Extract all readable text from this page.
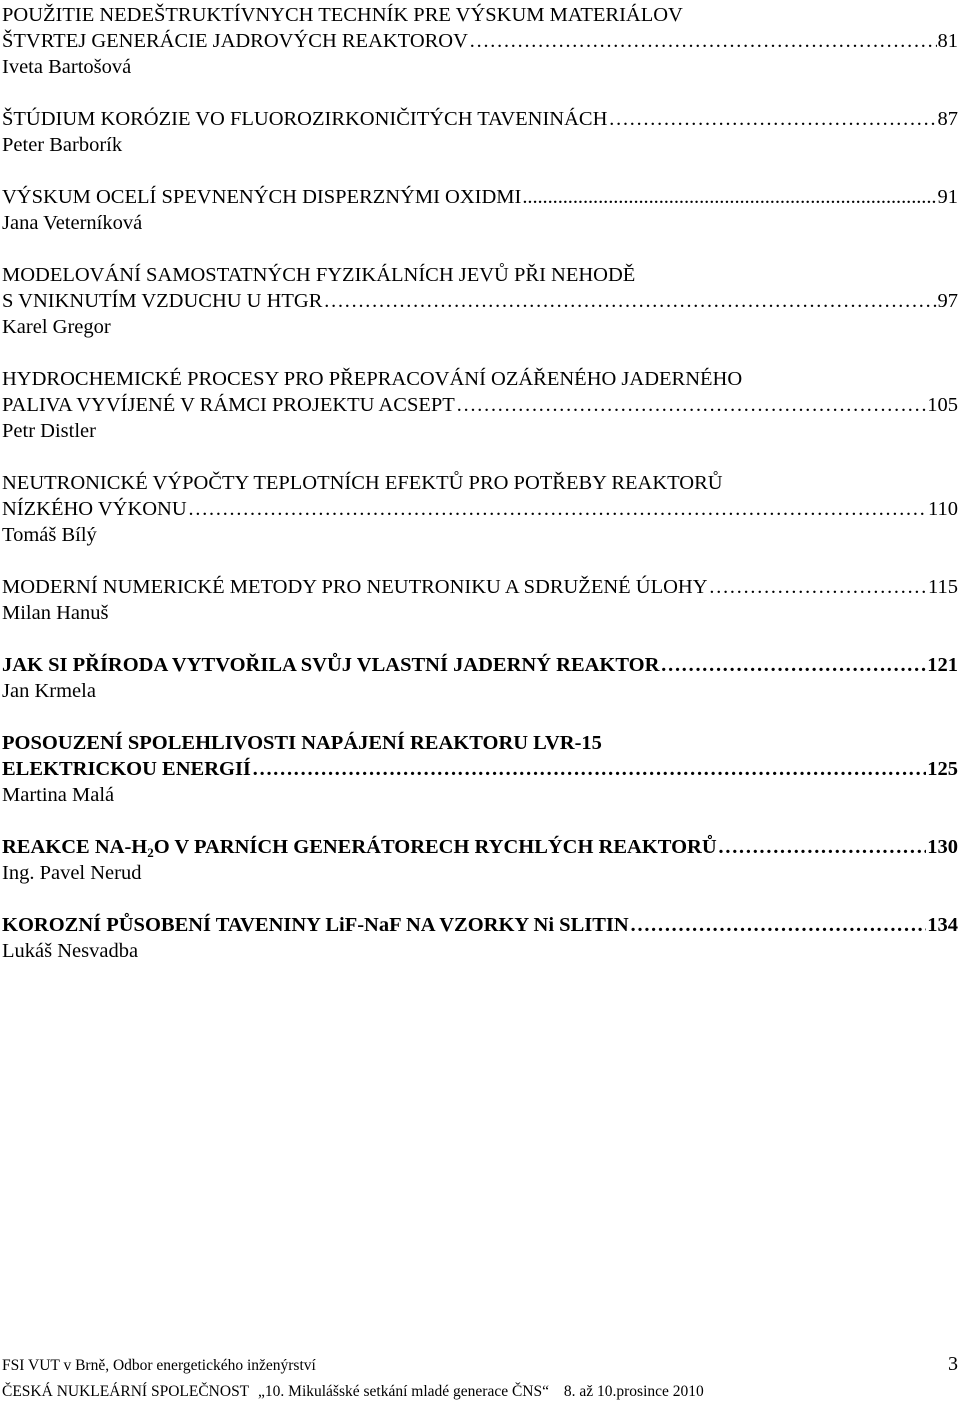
POUŽITIE NEDEŠTRUKTÍVNYCH TECHNÍK PRE VÝSKUM MATERIÁLOV
ŠTVRTEJ GENERÁCIE JADROVÝCH REAKTOROV ……………………………………………………………………………………………………………………………………………………………………………………	81
Iveta Bartošová
ŠTÚDIUM KORÓZIE VO FLUOROZIRKONIČITÝCH TAVENINÁCH ……………………………………………………………………………………………………………………………………………………………………………………	87
Peter Barborík
VÝSKUM OCELÍ SPEVNENÝCH DISPERZNÝMI OXIDMI . . .	91
Jana Veterníková
MODELOVÁNÍ SAMOSTATNÝCH FYZIKÁLNÍCH JEVŮ PŘI NEHODĚ
S VNIKNUTÍM VZDUCHU U HTGR ……………………………………………………………………………………………………………………………………………………………………………………	97
Karel Gregor
HYDROCHEMICKÉ PROCESY PRO PŘEPRACOVÁNÍ OZÁŘENÉHO JADERNÉHO
PALIVA VYVÍJENÉ V RÁMCI PROJEKTU ACSEPT ……………………………………………………………………………………………………………………………………………………………………………………	105
Petr Distler
NEUTRONICKÉ VÝPOČTY TEPLOTNÍCH EFEKTŮ PRO POTŘEBY REAKTORŮ
NÍZKÉHO VÝKONU ……………………………………………………………………………………………………………………………………………………………………………………	110
Tomáš Bílý
MODERNÍ NUMERICKÉ METODY PRO NEUTRONIKU A SDRUŽENÉ ÚLOHY ……………………………………………………………………………………………………………………………………………………………………………………	115
Milan Hanuš
JAK SI PŘÍRODA VYTVOŘILA SVŮJ VLASTNÍ JADERNÝ REAKTOR ……………………………………………………………………………………………………………………………………………………………………………………	121
Jan Krmela
POSOUZENÍ SPOLEHLIVOSTI NAPÁJENÍ REAKTORU LVR-15
ELEKTRICKOU ENERGIÍ ……………………………………………………………………………………………………………………………………………………………………………………	125
Martina Malá
REAKCE $NA-H_2O$ V PARNÍCH GENERÁTORECH RYCHLÝCH REAKTORŮ ……………………………………………………………………………………………………………………………………………………………………………………	130
Ing. Pavel Nerud
KOROZNÍ PŮSOBENÍ TAVENINY LiF-NaF NA VZORKY Ni SLITIN ……………………………………………………………………………………………………………………………………………………………………………………	134
Lukáš Nesvadba
FSI VUT v Brně, Odbor energetického inženýrství	3
ČESKÁ NUKLEÁRNÍ SPOLEČNOST „10. Mikulášské setkání mladé generace ČNS“ 8. až 10.prosince 2010
